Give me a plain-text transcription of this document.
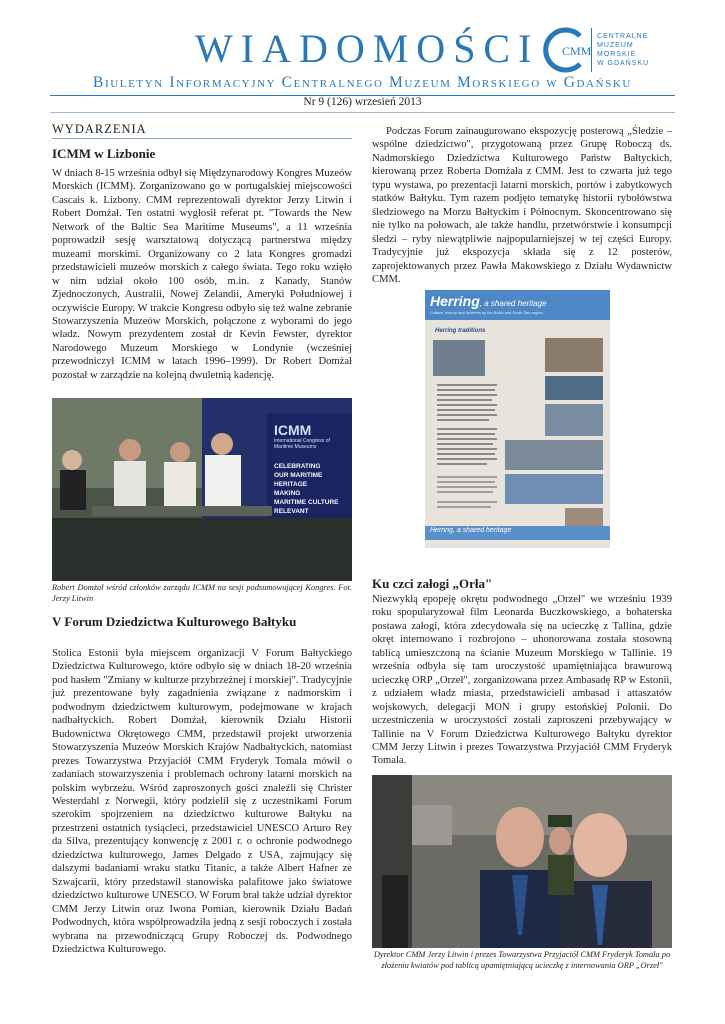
WIADOMOŚCI	CMM
CENTRALNE
MUZEUM
MORSKIE
W GDAŃSKU
Biuletyn Informacyjny Centralnego Muzeum Morskiego w Gdańsku
Nr 9 (126) wrzesień 2013
WYDARZENIA

ICMM w Lizbonie

W dniach 8-15 września odbył się Międzynarodowy Kongres Muzeów Morskich (ICMM). Zorganizowano go w portugalskiej miejscowości Cascais k. Lizbony. CMM reprezentowali dyrektor Jerzy Litwin i Robert Domżał. Ten ostatni wygłosił referat pt. "Towards the New Network of the Baltic Sea Maritime Museums", a 11 września poprowadził sesję warsztatową dotyczącą partnerstwa między muzeami morskimi. Organizowany co 2 lata Kongres gromadzi przedstawicieli muzeów morskich z całego świata. Tego roku wzięło w nim udział około 100 osób, m.in. z Kanady, Stanów Zjednoczonych, Australii, Nowej Zelandii, Ameryki Południowej i oczywiście Europy. W trakcie Kongresu odbyło się też walne zebranie Stowarzyszenia Muzeów Morskich, połączone z wyborami do jego władz. Nowym prezydentem został dr Kevin Fewster, dyrektor Narodowego Muzeum Morskiego w Londynie (wcześniej przewodniczył ICMM w latach 1996–1999). Dr Robert Domżał pozostał w zarządzie na kolejną dwuletnią kadencję.

ICMM
International Congress of Maritime Museums
CELEBRATING
OUR MARITIME HERITAGE
MAKING
MARITIME CULTURE
RELEVANT
Robert Domżał wśród członków zarządu ICMM na sesji podsumowującej Kongres. Fot. Jerzy Litwin

V Forum Dziedzictwa Kulturowego Bałtyku

Stolica Estonii była miejscem organizacji V Forum Bałtyckiego Dziedzictwa Kulturowego, które odbyło się w dniach 18-20 września pod hasłem "Zmiany w kulturze przybrzeżnej i morskiej". Tradycyjnie już prezentowane były zagadnienia związane z nadmorskim i podwodnym dziedzictwem kulturowym, podejmowane w krajach nadbałtyckich. Robert Domżał, kierownik Działu Historii Budownictwa Okrętowego CMM, przedstawił projekt utworzenia Stowarzyszenia Muzeów Morskich Krajów Nadbałtyckich, natomiast prezes Towarzystwa Przyjaciół CMM Fryderyk Tomala mówił o zadaniach stowarzyszenia i problemach ochrony latarni morskich na polskim wybrzeżu. Wśród zaproszonych gości znaleźli się Christer Westerdahl z Norwegii, który podzielił się z uczestnikami Forum szerokim spojrzeniem na dziedzictwo kulturowe Bałtyku na przestrzeni ostatnich tysiącleci, przedstawiciel UNESCO Arturo Rey da Silva, prezentujący konwencję z 2001 r. o ochronie podwodnego dziedzictwa kulturowego, James Delgado z USA, zajmujący się dalszymi badaniami wraku statku Titanic, a także Albert Hafner ze Szwajcarii, który przedstawił stanowiska palafitowe jako światowe dziedzictwo kulturowe UNESCO. W Forum brał także udział dyrektor CMM Jerzy Litwin oraz Iwona Pomian, kierownik Działu Badań Podwodnych, która współprowadziła jedną z sesji roboczych i została wybrana na przewodniczącą Grupy Roboczej ds. Podwodnego Dziedzictwa Kulturowego.

Podczas Forum zainaugurowano ekspozycję posterową „Śledzie – wspólne dziedzictwo", przygotowaną przez Grupę Roboczą ds. Nadmorskiego Dziedzictwa Kulturowego Państw Bałtyckich, kierowaną przez Roberta Domżała z CMM. Jest to czwarta już tego typu wystawa, po prezentacji latarni morskich, portów i zabytkowych statków Bałtyku. Tym razem podjęto tematykę historii rybołówstwa śledziowego na Morzu Bałtyckim i Północnym. Skoncentrowano się nie tylko na połowach, ale także handlu, przetwórstwie i konsumpcji śledzi – ryby niewątpliwie najpopularniejszej w tej części Europy. Tradycyjnie już ekspozycja składa się z 12 posterów, zaprojektowanych przez Pawła Makowskiego z Działu Wydawnictw CMM.
Herring, a shared heritage
Culture, history and fisheries by the Baltic and North Sea region
Herring traditions
Herring, a shared heritage

Ku czci załogi „Orła"

Niezwykłą epopeję okrętu podwodnego „Orzeł" we wrześniu 1939 roku spopularyzował film Leonarda Buczkowskiego, a bohaterska postawa załogi, która zdecydowała się na ucieczkę z Tallina, gdzie okręt internowano i rozbrojono – uhonorowana została stosowną tablicą umieszczoną na ścianie Muzeum Morskiego w Tallinie. 19 września odbyła się tam uroczystość upamiętniająca brawurową ucieczkę ORP „Orzeł", zorganizowana przez Ambasadę RP w Estonii, z udziałem władz miasta, przedstawicieli ambasad i attaszatów wojskowych, delegacji MON i grupy estońskiej Polonii. Do uczestniczenia w uroczystości zostali zaproszeni przebywający w Tallinie na V Forum Dziedzictwa Kulturowego Bałtyku dyrektor CMM Jerzy Litwin i prezes Towarzystwa Przyjaciół CMM Fryderyk Tomala.

Dyrektor CMM Jerzy Litwin i prezes Towarzystwa Przyjaciół CMM Fryderyk Tomala po złożeniu kwiatów pod tablicą upamiętniającą ucieczkę z internowania ORP „Orzeł"
